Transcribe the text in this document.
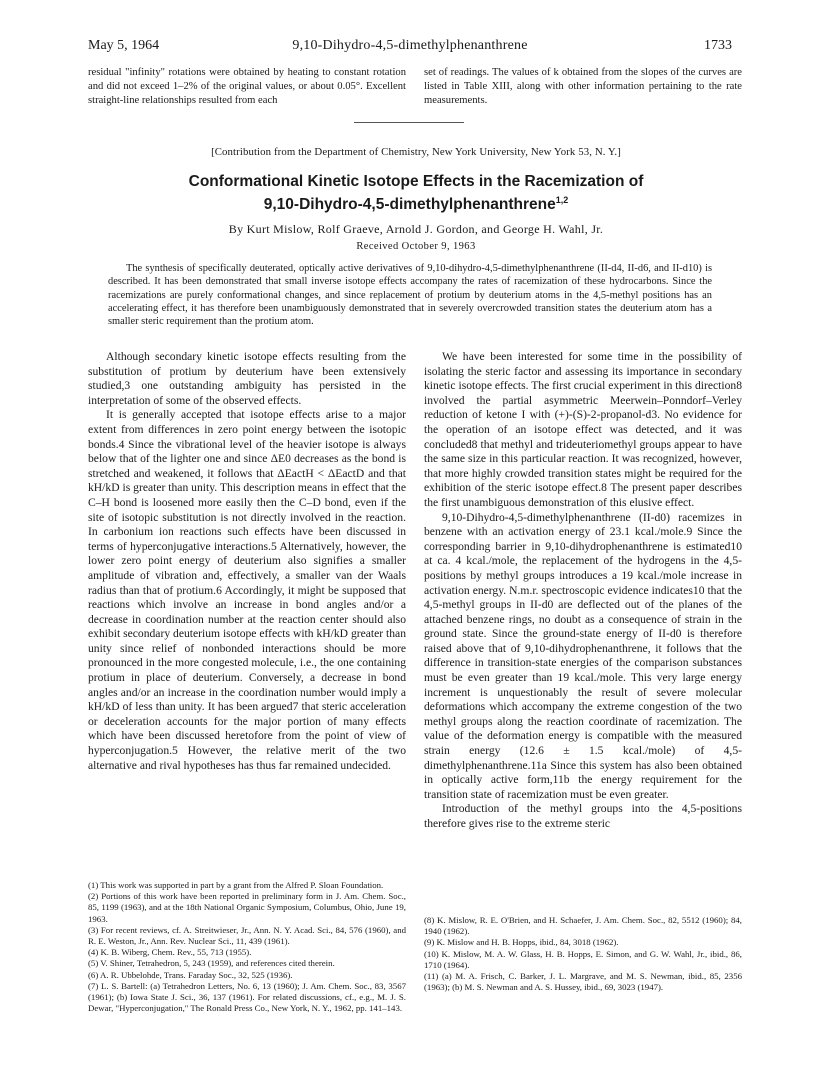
May 5, 1964	9,10-Dihydro-4,5-dimethylphenanthrene	1733
residual "infinity" rotations were obtained by heating to constant rotation and did not exceed 1–2% of the original values, or about 0.05°. Excellent straight-line relationships resulted from each
set of readings. The values of k obtained from the slopes of the curves are listed in Table XIII, along with other information pertaining to the rate measurements.
[Contribution from the Department of Chemistry, New York University, New York 53, N. Y.]
Conformational Kinetic Isotope Effects in the Racemization of
9,10-Dihydro-4,5-dimethylphenanthrene$^{1,2}$
By Kurt Mislow, Rolf Graeve, Arnold J. Gordon, and George H. Wahl, Jr.
Received October 9, 1963

The synthesis of specifically deuterated, optically active derivatives of 9,10-dihydro-4,5-dimethylphenanthrene (II-d4, II-d6, and II-d10) is described. It has been demonstrated that small inverse isotope effects accompany the rates of racemization of these hydrocarbons. Since the racemizations are purely conformational changes, and since replacement of protium by deuterium atoms in the 4,5-methyl positions has an accelerating effect, it has therefore been unambiguously demonstrated that in severely overcrowded transition states the deuterium atom has a smaller steric requirement than the protium atom.

Although secondary kinetic isotope effects resulting from the substitution of protium by deuterium have been extensively studied,3 one outstanding ambiguity has persisted in the interpretation of some of the observed effects.

It is generally accepted that isotope effects arise to a major extent from differences in zero point energy between the isotopic bonds.4 Since the vibrational level of the heavier isotope is always below that of the lighter one and since ΔE0 decreases as the bond is stretched and weakened, it follows that ΔEactH < ΔEactD and that kH/kD is greater than unity. This description means in effect that the C–H bond is loosened more easily then the C–D bond, even if the site of isotopic substitution is not directly involved in the reaction. In carbonium ion reactions such effects have been discussed in terms of hyperconjugative interactions.5 Alternatively, however, the lower zero point energy of deuterium also signifies a smaller amplitude of vibration and, effectively, a smaller van der Waals radius than that of protium.6 Accordingly, it might be supposed that reactions which involve an increase in bond angles and/or a decrease in coordination number at the reaction center should also exhibit secondary deuterium isotope effects with kH/kD greater than unity since relief of nonbonded interactions should be more pronounced in the more congested molecule, i.e., the one containing protium in place of deuterium. Conversely, a decrease in bond angles and/or an increase in the coordination number would imply a kH/kD of less than unity. It has been argued7 that steric acceleration or deceleration accounts for the major portion of many effects which have been discussed heretofore from the point of view of hyperconjugation.5 However, the relative merit of the two alternative and rival hypotheses has thus far remained undecided.

We have been interested for some time in the possibility of isolating the steric factor and assessing its importance in secondary kinetic isotope effects. The first crucial experiment in this direction8 involved the partial asymmetric Meerwein–Ponndorf–Verley reduction of ketone I with (+)-(S)-2-propanol-d3. No evidence for the operation of an isotope effect was detected, and it was concluded8 that methyl and trideuteriomethyl groups appear to have the same size in this particular reaction. It was recognized, however, that more highly crowded transition states might be required for the exhibition of the steric isotope effect.8 The present paper describes the first unambiguous demonstration of this elusive effect.

9,10-Dihydro-4,5-dimethylphenanthrene (II-d0) racemizes in benzene with an activation energy of 23.1 kcal./mole.9 Since the corresponding barrier in 9,10-dihydrophenanthrene is estimated10 at ca. 4 kcal./mole, the replacement of the hydrogens in the 4,5-positions by methyl groups introduces a 19 kcal./mole increase in activation energy. N.m.r. spectroscopic evidence indicates10 that the 4,5-methyl groups in II-d0 are deflected out of the planes of the attached benzene rings, no doubt as a consequence of strain in the ground state. Since the ground-state energy of II-d0 is therefore raised above that of 9,10-dihydrophenanthrene, it follows that the difference in transition-state energies of the comparison substances must be even greater than 19 kcal./mole. This very large energy increment is unquestionably the result of severe molecular deformations which accompany the extreme congestion of the two methyl groups along the reaction coordinate of racemization. The value of the deformation energy is compatible with the measured strain energy (12.6 ± 1.5 kcal./mole) of 4,5-dimethylphenanthrene.11a Since this system has also been obtained in optically active form,11b the energy requirement for the transition state of racemization must be even greater.

Introduction of the methyl groups into the 4,5-positions therefore gives rise to the extreme steric

(1) This work was supported in part by a grant from the Alfred P. Sloan Foundation.

(2) Portions of this work have been reported in preliminary form in J. Am. Chem. Soc., 85, 1199 (1963), and at the 18th National Organic Symposium, Columbus, Ohio, June 19, 1963.

(3) For recent reviews, cf. A. Streitwieser, Jr., Ann. N. Y. Acad. Sci., 84, 576 (1960), and R. E. Weston, Jr., Ann. Rev. Nuclear Sci., 11, 439 (1961).

(4) K. B. Wiberg, Chem. Rev., 55, 713 (1955).

(5) V. Shiner, Tetrahedron, 5, 243 (1959), and references cited therein.

(6) A. R. Ubbelohde, Trans. Faraday Soc., 32, 525 (1936).

(7) L. S. Bartell: (a) Tetrahedron Letters, No. 6, 13 (1960); J. Am. Chem. Soc., 83, 3567 (1961); (b) Iowa State J. Sci., 36, 137 (1961). For related discussions, cf., e.g., M. J. S. Dewar, "Hyperconjugation," The Ronald Press Co., New York, N. Y., 1962, pp. 141–143.

(8) K. Mislow, R. E. O'Brien, and H. Schaefer, J. Am. Chem. Soc., 82, 5512 (1960); 84, 1940 (1962).

(9) K. Mislow and H. B. Hopps, ibid., 84, 3018 (1962).

(10) K. Mislow, M. A. W. Glass, H. B. Hopps, E. Simon, and G. W. Wahl, Jr., ibid., 86, 1710 (1964).

(11) (a) M. A. Frisch, C. Barker, J. L. Margrave, and M. S. Newman, ibid., 85, 2356 (1963); (b) M. S. Newman and A. S. Hussey, ibid., 69, 3023 (1947).
